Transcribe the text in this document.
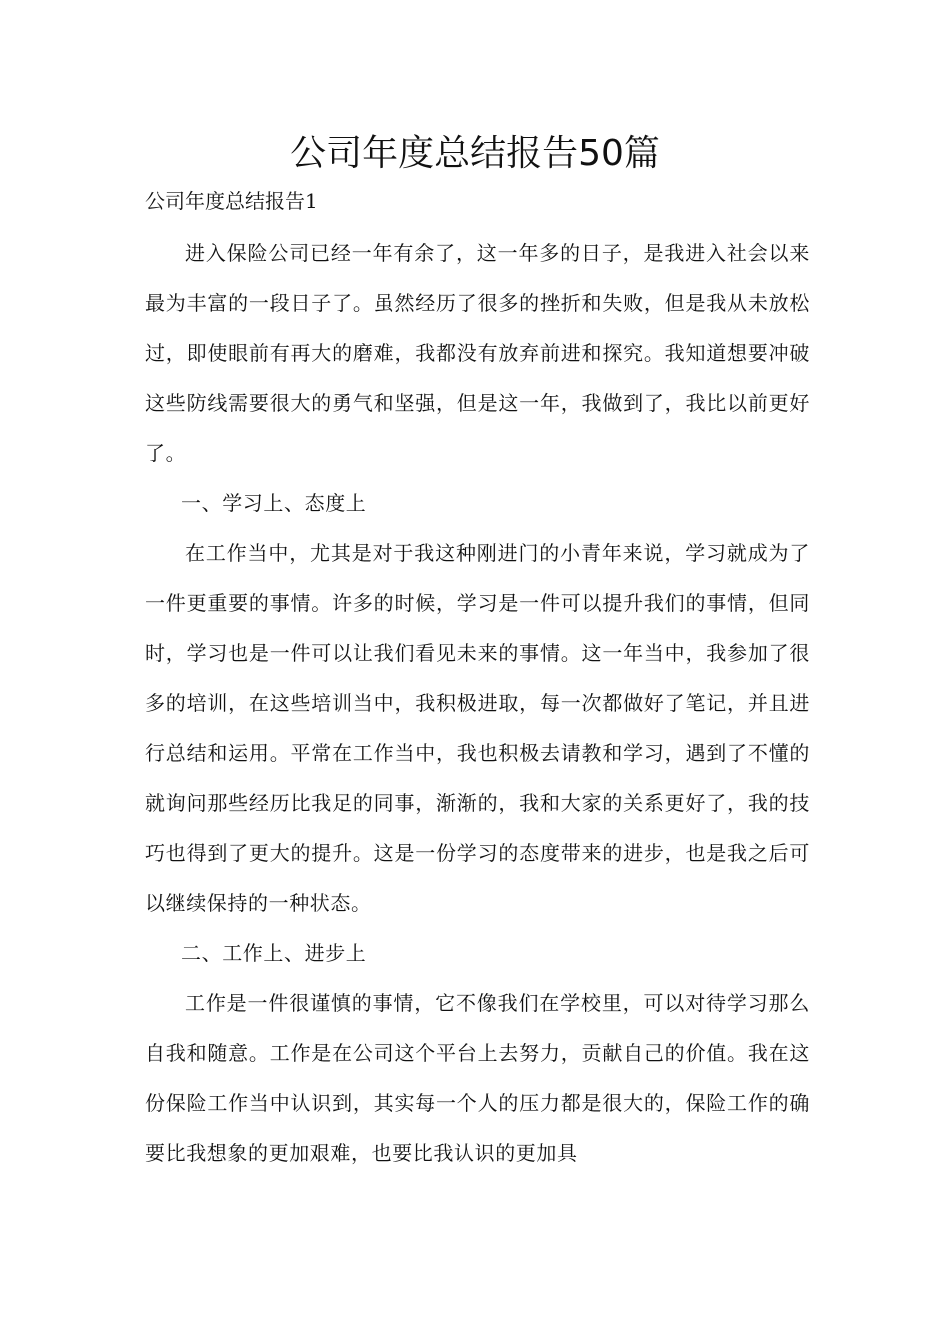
公司年度总结报告50篇
公司年度总结报告1

进入保险公司已经一年有余了，这一年多的日子，是我进入社会以来最为丰富的一段日子了。虽然经历了很多的挫折和失败，但是我从未放松过，即使眼前有再大的磨难，我都没有放弃前进和探究。我知道想要冲破这些防线需要很大的勇气和坚强，但是这一年，我做到了，我比以前更好了。

一、学习上、态度上

在工作当中，尤其是对于我这种刚进门的小青年来说，学习就成为了一件更重要的事情。许多的时候，学习是一件可以提升我们的事情，但同时，学习也是一件可以让我们看见未来的事情。这一年当中，我参加了很多的培训，在这些培训当中，我积极进取，每一次都做好了笔记，并且进行总结和运用。平常在工作当中，我也积极去请教和学习，遇到了不懂的就询问那些经历比我足的同事，渐渐的，我和大家的关系更好了，我的技巧也得到了更大的提升。这是一份学习的态度带来的进步，也是我之后可以继续保持的一种状态。

二、工作上、进步上

工作是一件很谨慎的事情，它不像我们在学校里，可以对待学习那么自我和随意。工作是在公司这个平台上去努力，贡献自己的价值。我在这份保险工作当中认识到，其实每一个人的压力都是很大的，保险工作的确要比我想象的更加艰难，也要比我认识的更加具
